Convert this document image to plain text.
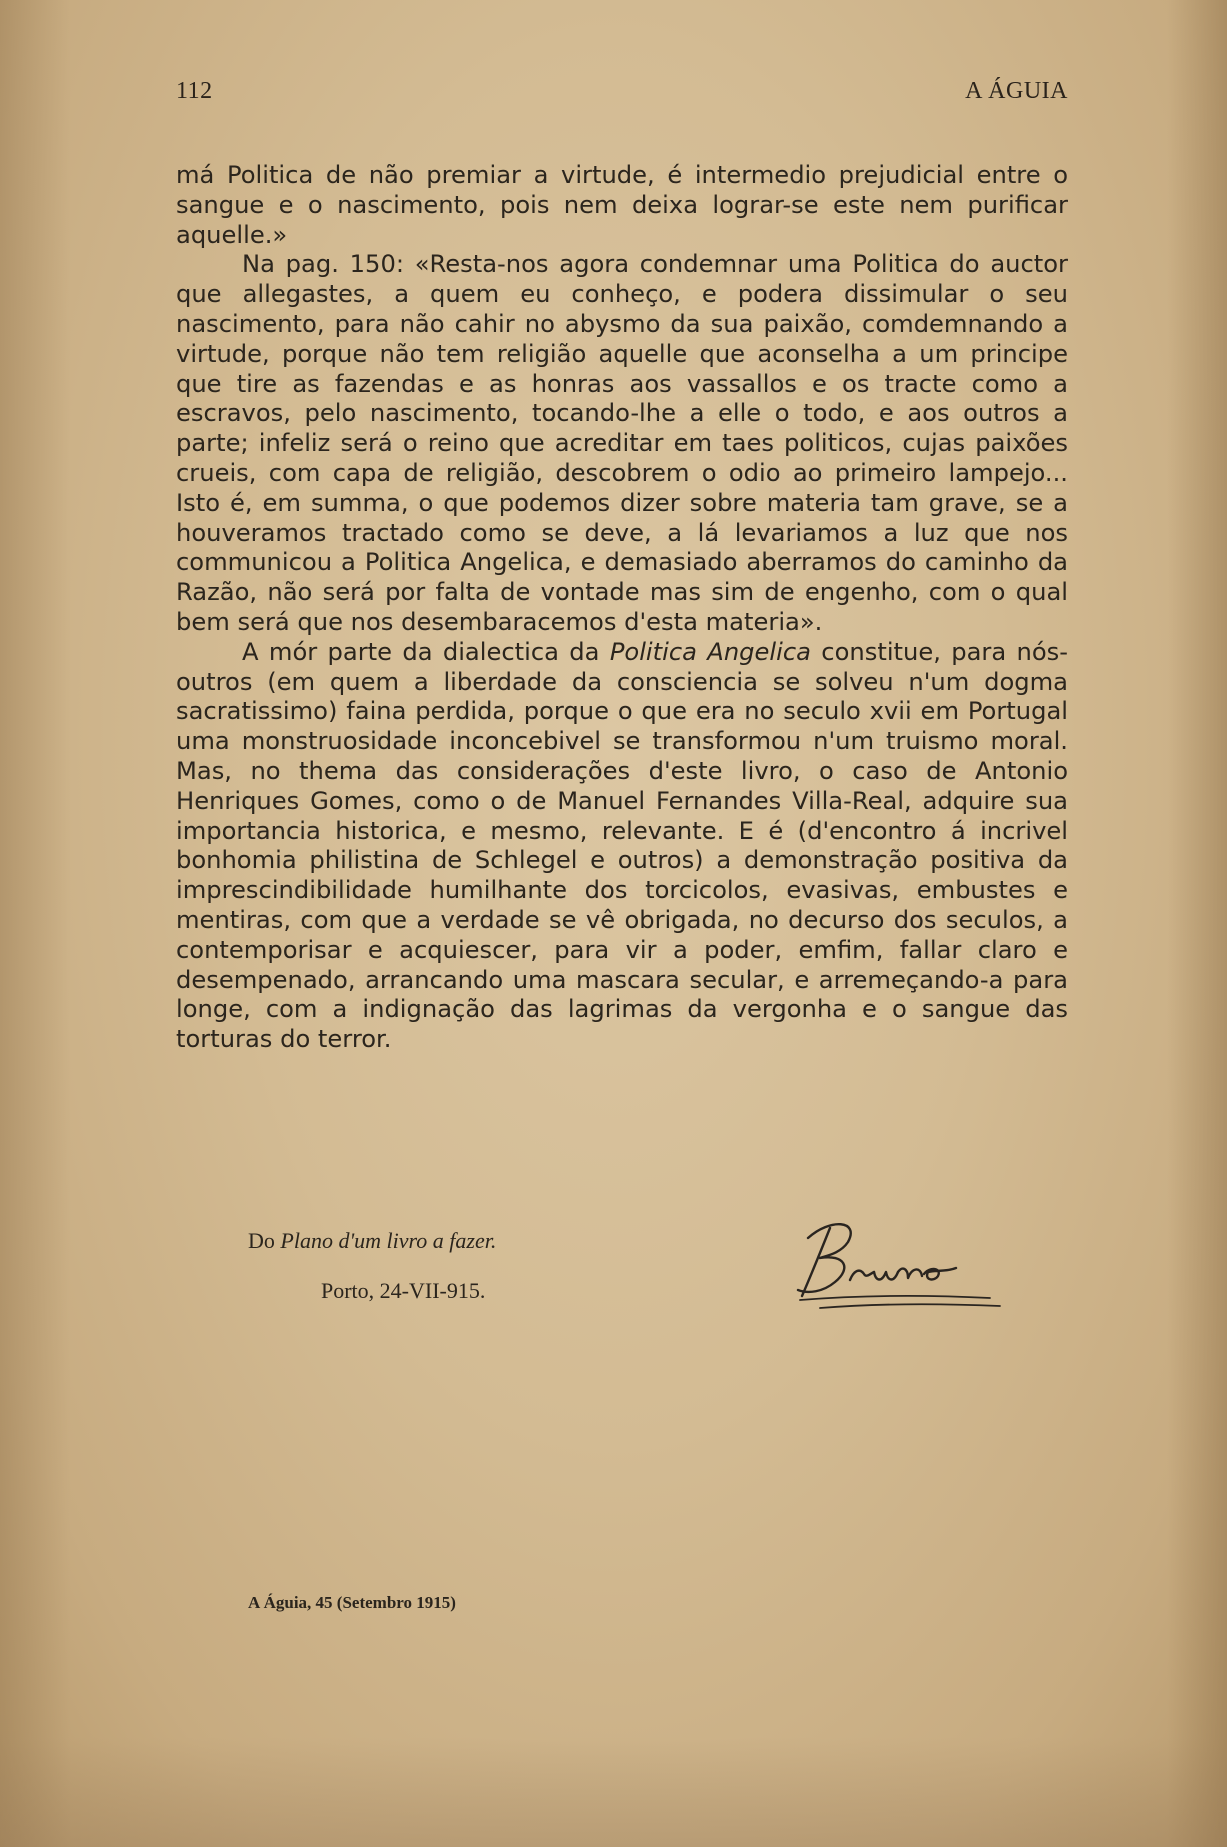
112	A ÁGUIA

má Politica de não premiar a virtude, é intermedio prejudicial entre o sangue e o nascimento, pois nem deixa lograr-se este nem purificar aquelle.»

Na pag. 150: «Resta-nos agora condemnar uma Politica do auctor que allegastes, a quem eu conheço, e podera dissimular o seu nascimento, para não cahir no abysmo da sua paixão, comdemnando a virtude, porque não tem religião aquelle que aconselha a um principe que tire as fazendas e as honras aos vassallos e os tracte como a escravos, pelo nascimento, tocando-lhe a elle o todo, e aos outros a parte; infeliz será o reino que acreditar em taes politicos, cujas paixões crueis, com capa de religião, descobrem o odio ao primeiro lampejo... Isto é, em summa, o que podemos dizer sobre materia tam grave, se a houveramos tractado como se deve, a lá levariamos a luz que nos communicou a Politica Angelica, e demasiado aberramos do caminho da Razão, não será por falta de vontade mas sim de engenho, com o qual bem será que nos desembaracemos d'esta materia».

A mór parte da dialectica da Politica Angelica constitue, para nós-outros (em quem a liberdade da consciencia se solveu n'um dogma sacratissimo) faina perdida, porque o que era no seculo xvii em Portugal uma monstruosidade inconcebivel se transformou n'um truismo moral. Mas, no thema das considerações d'este livro, o caso de Antonio Henriques Gomes, como o de Manuel Fernandes Villa-Real, adquire sua importancia historica, e mesmo, relevante. E é (d'encontro á incrivel bonhomia philistina de Schlegel e outros) a demonstração positiva da imprescindibilidade humilhante dos torcicolos, evasivas, embustes e mentiras, com que a verdade se vê obrigada, no decurso dos seculos, a contemporisar e acquiescer, para vir a poder, emfim, fallar claro e desempenado, arrancando uma mascara secular, e arremeçando-a para longe, com a indignação das lagrimas da vergonha e o sangue das torturas do terror.

Do Plano d'um livro a fazer.
Porto, 24-VII-915.
A Águia, 45 (Setembro 1915)
